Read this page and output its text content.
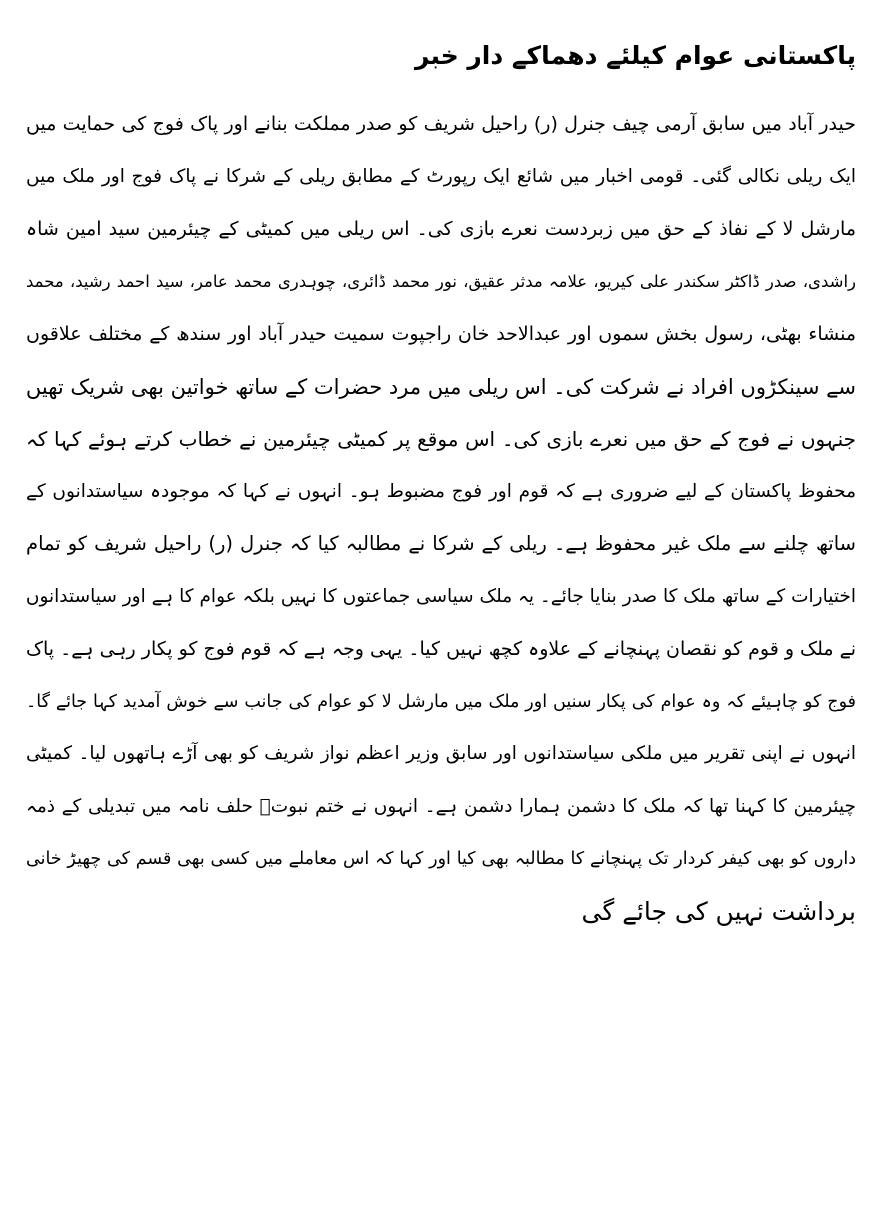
پاکستانی عوام کیلئے دھماکے دار خبر
حیدر آباد میں سابق آرمی چیف جنرل (ر) راحیل شریف کو صدر مملکت بنانے اور پاک فوج کی حمایت میں
ایک ریلی نکالی گئی۔ قومی اخبار میں شائع ایک رپورٹ کے مطابق ریلی کے شرکا نے پاک فوج اور ملک میں
مارشل لا کے نفاذ کے حق میں زبردست نعرے بازی کی۔ اس ریلی میں کمیٹی کے چیئرمین سید امین شاہ
راشدی، صدر ڈاکٹر سکندر علی کیریو، علامہ مدثر عقیق، نور محمد ڈائری، چوہدری محمد عامر، سید احمد رشید، محمد
منشاء بھٹی، رسول بخش سموں اور عبدالاحد خان راجپوت سمیت حیدر آباد اور سندھ کے مختلف علاقوں
سے سینکڑوں افراد نے شرکت کی۔ اس ریلی میں مرد حضرات کے ساتھ خواتین بھی شریک تھیں
جنہوں نے فوج کے حق میں نعرے بازی کی۔ اس موقع پر کمیٹی چیئرمین نے خطاب کرتے ہوئے کہا کہ
محفوظ پاکستان کے لیے ضروری ہے کہ قوم اور فوج مضبوط ہو۔ انہوں نے کہا کہ موجودہ سیاستدانوں کے
ساتھ چلنے سے ملک غیر محفوظ ہے۔ ریلی کے شرکا نے مطالبہ کیا کہ جنرل (ر) راحیل شریف کو تمام
اختیارات کے ساتھ ملک کا صدر بنایا جائے۔ یہ ملک سیاسی جماعتوں کا نہیں بلکہ عوام کا ہے اور سیاستدانوں
نے ملک و قوم کو نقصان پہنچانے کے علاوہ کچھ نہیں کیا۔ یہی وجہ ہے کہ قوم فوج کو پکار رہی ہے۔ پاک
فوج کو چاہیئے کہ وہ عوام کی پکار سنیں اور ملک میں مارشل لا کو عوام کی جانب سے خوش آمدید کہا جائے گا۔
انہوں نے اپنی تقریر میں ملکی سیاستدانوں اور سابق وزیر اعظم نواز شریف کو بھی آڑے ہاتھوں لیا۔ کمیٹی
چیئرمین کا کہنا تھا کہ ملک کا دشمن ہمارا دشمن ہے۔ انہوں نے ختم نبوتؐ حلف نامہ میں تبدیلی کے ذمہ
داروں کو بھی کیفر کردار تک پہنچانے کا مطالبہ بھی کیا اور کہا کہ اس معاملے میں کسی بھی قسم کی چھیڑ خانی
برداشت نہیں کی جائے گی
